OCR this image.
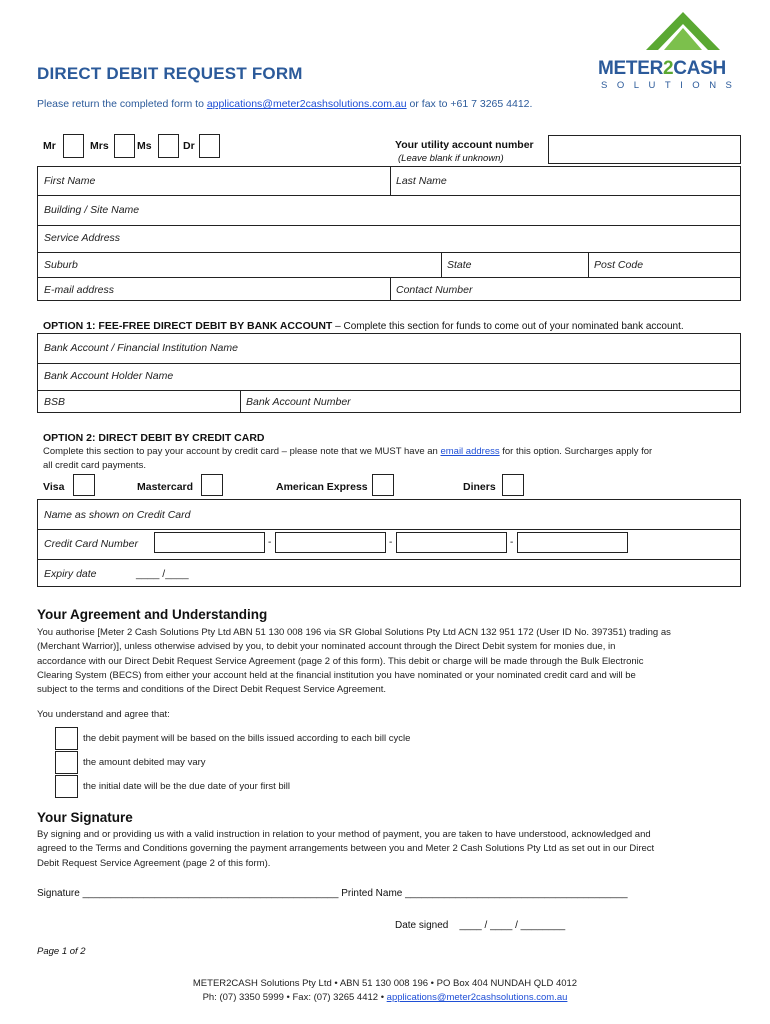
DIRECT DEBIT REQUEST FORM
Please return the completed form to applications@meter2cashsolutions.com.au or fax to +61 7 3265 4412.
METER2CASH
SOLUTIONS
Mr	Mrs	Ms	Dr	Your utility account number
(Leave blank if unknown)
First Name	Last Name
Building / Site Name
Service Address
Suburb	State	Post Code
E-mail address	Contact Number
OPTION 1: FEE-FREE DIRECT DEBIT BY BANK ACCOUNT – Complete this section for funds to come out of your nominated bank account.
Bank Account / Financial Institution Name
Bank Account Holder Name
BSB	Bank Account Number
OPTION 2: DIRECT DEBIT BY CREDIT CARD
Complete this section to pay your account by credit card – please note that we MUST have an email address for this option. Surcharges apply for
all credit card payments.
Visa	Mastercard	American Express	Diners
Name as shown on Credit Card
Credit Card Number
Expiry date	____ /____
-	-	-
Your Agreement and Understanding
You authorise [Meter 2 Cash Solutions Pty Ltd ABN 51 130 008 196 via SR Global Solutions Pty Ltd ACN 132 951 172 (User ID No. 397351) trading as
(Merchant Warrior)], unless otherwise advised by you, to debit your nominated account through the Direct Debit system for monies due, in
accordance with our Direct Debit Request Service Agreement (page 2 of this form). This debit or charge will be made through the Bulk Electronic
Clearing System (BECS) from either your account held at the financial institution you have nominated or your nominated credit card and will be
subject to the terms and conditions of the Direct Debit Request Service Agreement.
You understand and agree that:
the debit payment will be based on the bills issued according to each bill cycle
the amount debited may vary
the initial date will be the due date of your first bill
Your Signature
By signing and or providing us with a valid instruction in relation to your method of payment, you are taken to have understood, acknowledged and
agreed to the Terms and Conditions governing the payment arrangements between you and Meter 2 Cash Solutions Pty Ltd as set out in our Direct
Debit Request Service Agreement (page 2 of this form).
Signature ______________________________________________ Printed Name ________________________________________
Date signed    ____ / ____ / ________
Page 1 of 2
METER2CASH Solutions Pty Ltd • ABN 51 130 008 196 • PO Box 404 NUNDAH QLD 4012
Ph: (07) 3350 5999 • Fax: (07) 3265 4412 • applications@meter2cashsolutions.com.au
